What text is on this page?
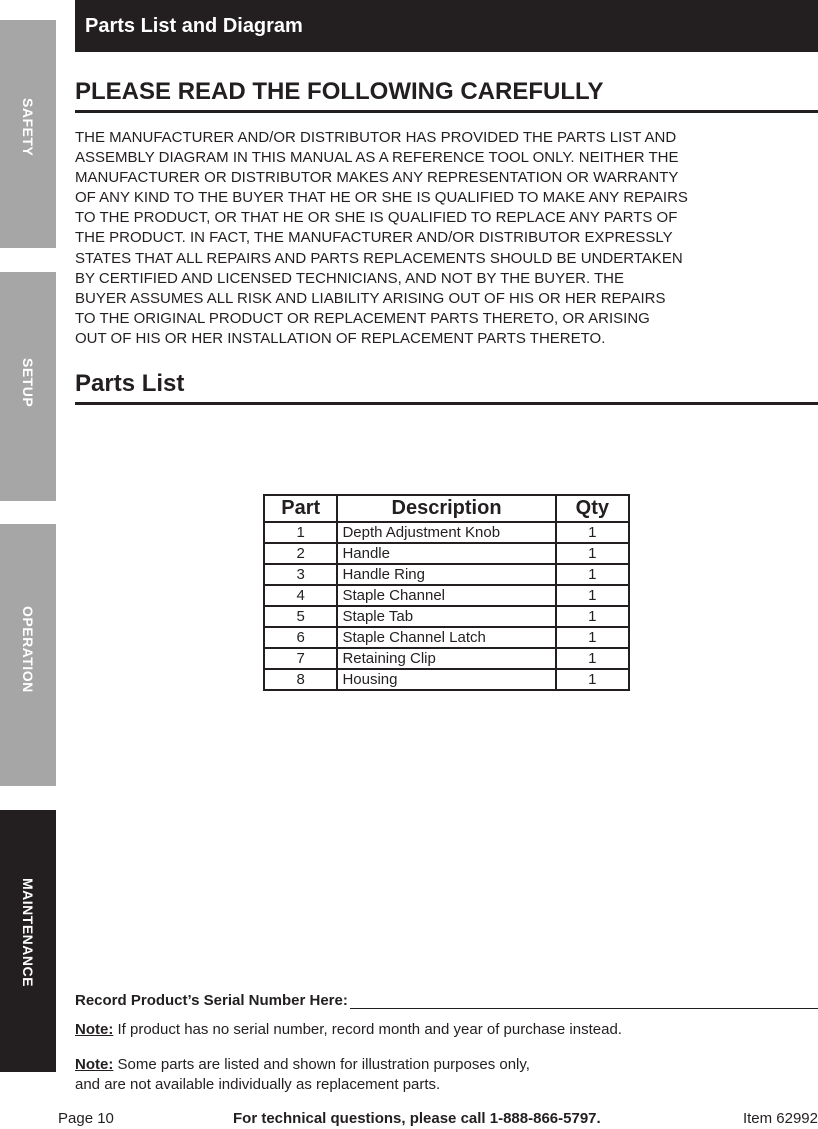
SAFETY
SETUP
OPERATION
MAINTENANCE
Parts List and Diagram
PLEASE READ THE FOLLOWING CAREFULLY
THE MANUFACTURER AND/OR DISTRIBUTOR HAS PROVIDED THE PARTS LIST AND
ASSEMBLY DIAGRAM IN THIS MANUAL AS A REFERENCE TOOL ONLY. NEITHER THE
MANUFACTURER OR DISTRIBUTOR MAKES ANY REPRESENTATION OR WARRANTY
OF ANY KIND TO THE BUYER THAT HE OR SHE IS QUALIFIED TO MAKE ANY REPAIRS
TO THE PRODUCT, OR THAT HE OR SHE IS QUALIFIED TO REPLACE ANY PARTS OF
THE PRODUCT. IN FACT, THE MANUFACTURER AND/OR DISTRIBUTOR EXPRESSLY
STATES THAT ALL REPAIRS AND PARTS REPLACEMENTS SHOULD BE UNDERTAKEN
BY CERTIFIED AND LICENSED TECHNICIANS, AND NOT BY THE BUYER. THE
BUYER ASSUMES ALL RISK AND LIABILITY ARISING OUT OF HIS OR HER REPAIRS
TO THE ORIGINAL PRODUCT OR REPLACEMENT PARTS THERETO, OR ARISING
OUT OF HIS OR HER INSTALLATION OF REPLACEMENT PARTS THERETO.
Parts List
Part	Description	Qty
1	Depth Adjustment Knob	1
2	Handle	1
3	Handle Ring	1
4	Staple Channel	1
5	Staple Tab	1
6	Staple Channel Latch	1
7	Retaining Clip	1
8	Housing	1
Record Product’s Serial Number Here:
Note: If product has no serial number, record month and year of purchase instead.
Note: Some parts are listed and shown for illustration purposes only,
and are not available individually as replacement parts.
Page 10	For technical questions, please call 1-888-866-5797.	Item 62992
